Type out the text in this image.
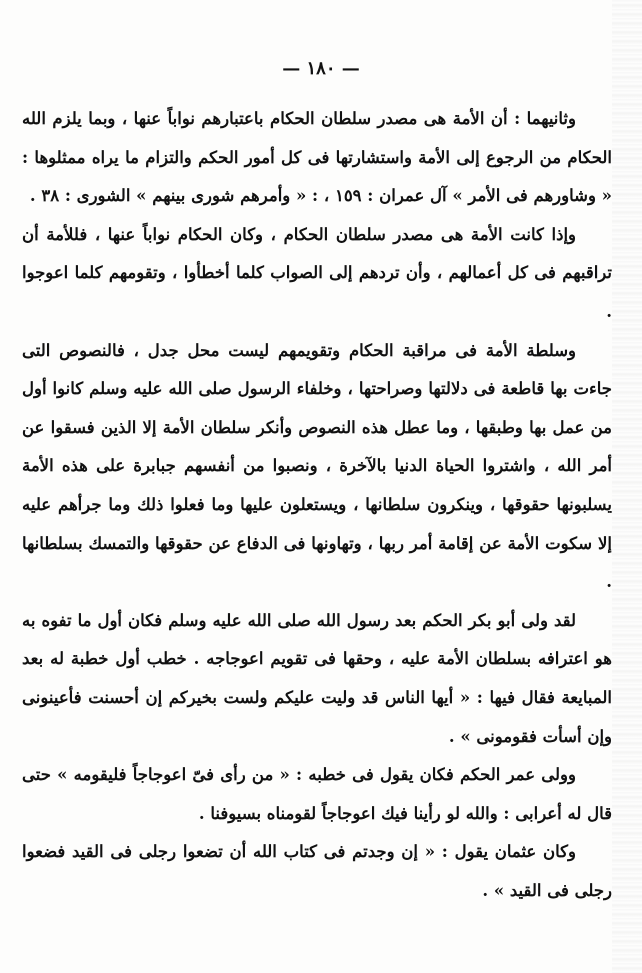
— ١٨٠ —

وثانيهما : أن الأمة هى مصدر سلطان الحكام باعتبارهم نواباً عنها ، وبما يلزم الله الحكام من الرجوع إلى الأمة واستشارتها فى كل أمور الحكم والتزام ما يراه ممثلوها : « وشاورهم فى الأمر » آل عمران : ١٥٩ ، : « وأمرهم شورى بينهم » الشورى : ٣٨ .

وإذا كانت الأمة هى مصدر سلطان الحكام ، وكان الحكام نواباً عنها ، فللأمة أن تراقبهم فى كل أعمالهم ، وأن تردهم إلى الصواب كلما أخطأوا ، وتقومهم كلما اعوجوا .

وسلطة الأمة فى مراقبة الحكام وتقويمهم ليست محل جدل ، فالنصوص التى جاءت بها قاطعة فى دلالتها وصراحتها ، وخلفاء الرسول صلى الله عليه وسلم كانوا أول من عمل بها وطبقها ، وما عطل هذه النصوص وأنكر سلطان الأمة إلا الذين فسقوا عن أمر الله ، واشتروا الحياة الدنيا بالآخرة ، ونصبوا من أنفسهم جبابرة على هذه الأمة يسلبونها حقوقها ، وينكرون سلطانها ، ويستعلون عليها وما فعلوا ذلك وما جرأهم عليه إلا سكوت الأمة عن إقامة أمر ربها ، وتهاونها فى الدفاع عن حقوقها والتمسك بسلطانها .

لقد ولى أبو بكر الحكم بعد رسول الله صلى الله عليه وسلم فكان أول ما تفوه به هو اعترافه بسلطان الأمة عليه ، وحقها فى تقويم اعوجاجه . خطب أول خطبة له بعد المبايعة فقال فيها : « أيها الناس قد وليت عليكم ولست بخيركم إن أحسنت فأعينونى وإن أسأت فقومونى » .

وولى عمر الحكم فكان يقول فى خطبه : « من رأى فىّ اعوجاجاً فليقومه » حتى قال له أعرابى : والله لو رأينا فيك اعوجاجاً لقومناه بسيوفنا .

وكان عثمان يقول : « إن وجدتم فى كتاب الله أن تضعوا رجلى فى القيد فضعوا رجلى فى القيد » .
